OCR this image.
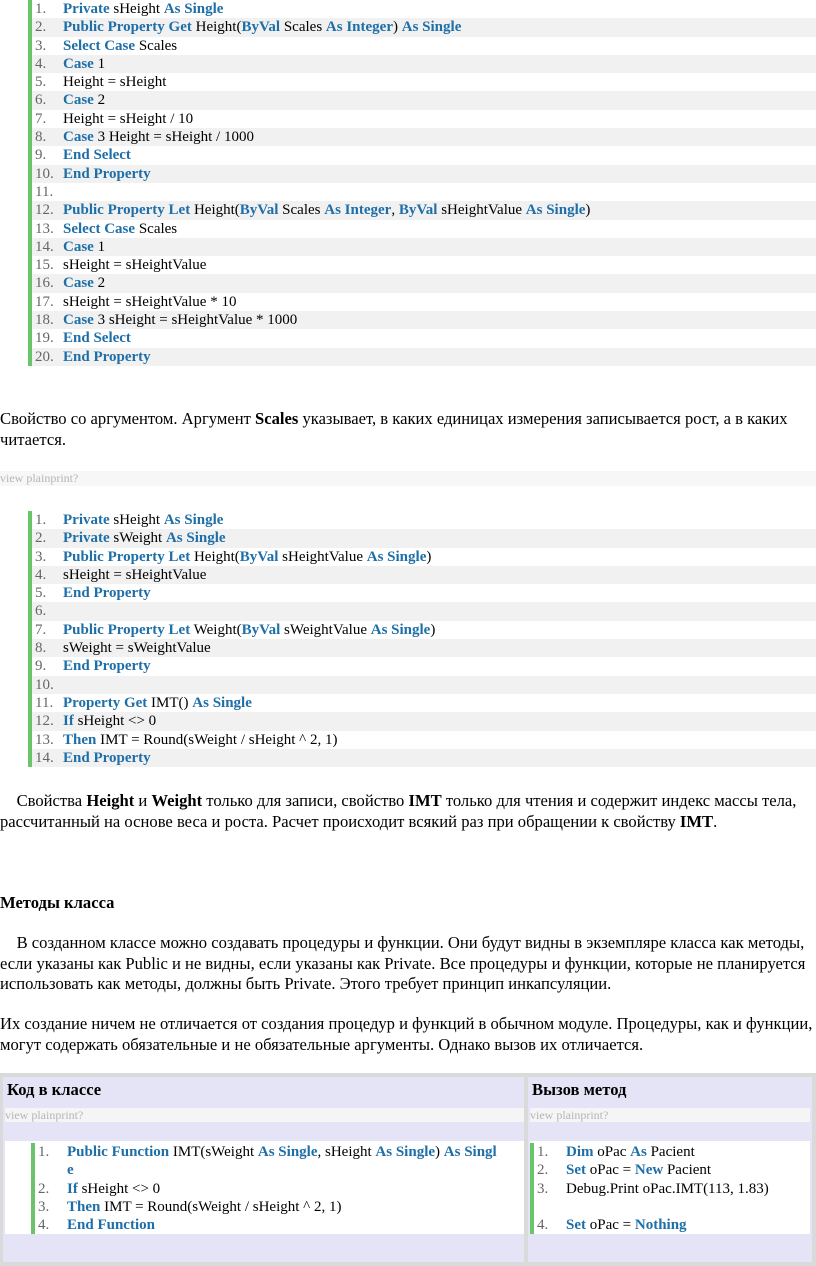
1.	Private sHeight As Single
2.	Public Property Get Height(ByVal Scales As Integer) As Single
3.	Select Case Scales
4.	Case 1
5.	Height = sHeight
6.	Case 2
7.	Height = sHeight / 10
8.	Case 3 Height = sHeight / 1000
9.	End Select
10. End Property
11.
12. Public Property Let Height(ByVal Scales As Integer, ByVal sHeightValue As Single)
13. Select Case Scales
14. Case 1
15. sHeight = sHeightValue
16. Case 2
17. sHeight = sHeightValue * 10
18. Case 3 sHeight = sHeightValue * 1000
19. End Select
20. End Property
Свойство со аргументом. Аргумент Scales указывает, в каких единицах измерения записывается рост, а в каких читается.
view plainprint?
1.	Private sHeight As Single
2.	Private sWeight As Single
3.	Public Property Let Height(ByVal sHeightValue As Single)
4.	sHeight = sHeightValue
5.	End Property
6.
7.	Public Property Let Weight(ByVal sWeightValue As Single)
8.	sWeight = sWeightValue
9.	End Property
10.
11. Property Get IMT() As Single
12. If sHeight <> 0
13. Then IMT = Round(sWeight / sHeight ^ 2, 1)
14. End Property
Свойства Height и Weight только для записи, свойство IMT только для чтения и содержит индекс массы тела, рассчитанный на основе веса и роста. Расчет происходит всякий раз при обращении к свойству IMT.
Методы класса
В созданном классе можно создавать процедуры и функции. Они будут видны в экземпляре класса как методы, если указаны как Public и не видны, если указаны как Private. Все процедуры и функции, которые не планируется использовать как методы, должны быть Private. Этого требует принцип инкапсуляции.
Их создание ничем не отличается от создания процедур и функций в обычном модуле. Процедуры, как и функции, могут содержать обязательные и не обязательные аргументы. Однако вызов их отличается.
Код в классе
view plainprint?
1.	Public Function IMT(sWeight As Single, sHeight As Single) As Singl
e
2.	If sHeight <> 0
3.	Then IMT = Round(sWeight / sHeight ^ 2, 1)
4.	End Function
Вызов метод
view plainprint?
1.	Dim oPac As Pacient
2.	Set oPac = New Pacient
3.	Debug.Print oPac.IMT(113, 1.83)
4.	Set oPac = Nothing
